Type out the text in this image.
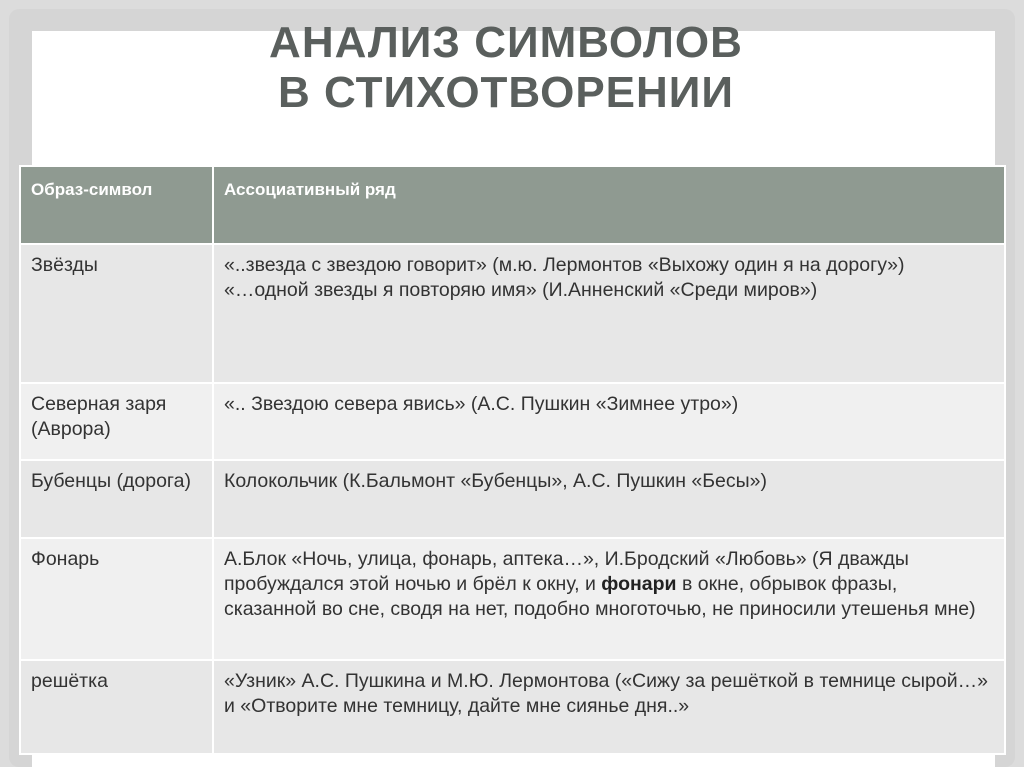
АНАЛИЗ СИМВОЛОВ
В СТИХОТВОРЕНИИ
Образ-символ	Ассоциативный ряд
Звёзды	«..звезда с звездою говорит» (м.ю. Лермонтов «Выхожу один я на дорогу»)
«…одной звезды я повторяю имя» (И.Анненский «Среди миров»)

Северная заря (Аврора)	«.. Звездою севера явись» (А.С. Пушкин «Зимнее утро»)
Бубенцы (дорога)	Колокольчик (К.Бальмонт «Бубенцы», А.С. Пушкин «Бесы»)
Фонарь	А.Блок «Ночь, улица, фонарь, аптека…», И.Бродский «Любовь» (Я дважды пробуждался этой ночью и брёл к окну, и фонари в окне, обрывок фразы, сказанной во сне, сводя на нет, подобно многоточью, не приносили утешенья мне)
решётка	«Узник» А.С. Пушкина и М.Ю. Лермонтова («Сижу за решёткой в темнице сырой…» и «Отворите мне темницу, дайте мне сиянье дня..»
